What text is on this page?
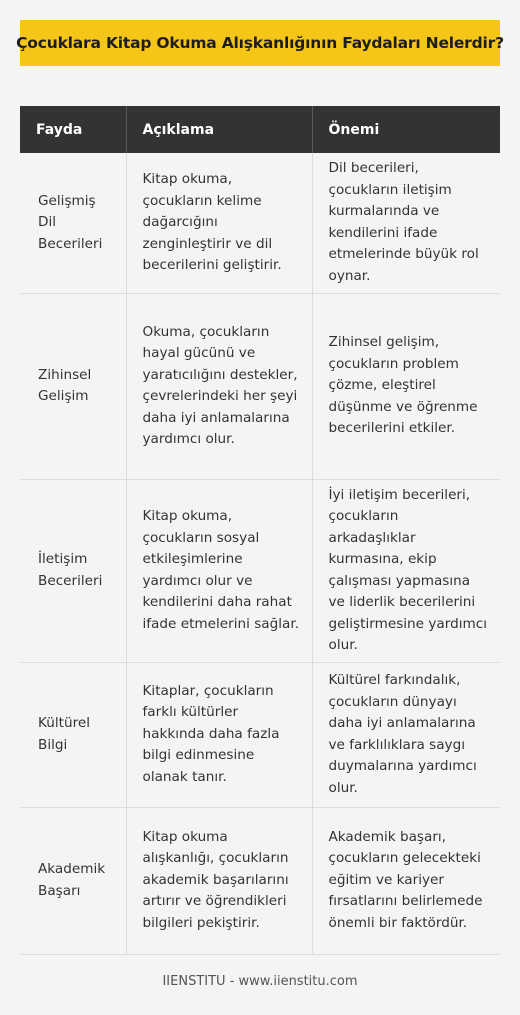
Çocuklara Kitap Okuma Alışkanlığının Faydaları Nelerdir?
Fayda	Açıklama	Önemi
Gelişmiş Dil Becerileri	Kitap okuma, çocukların kelime dağarcığını zenginleştirir ve dil becerilerini geliştirir.	Dil becerileri, çocukların iletişim kurmalarında ve kendilerini ifade etmelerinde büyük rol oynar.
Zihinsel Gelişim	Okuma, çocukların hayal gücünü ve yaratıcılığını destekler, çevrelerindeki her şeyi daha iyi anlamalarına yardımcı olur.	Zihinsel gelişim, çocukların problem çözme, eleştirel düşünme ve öğrenme becerilerini etkiler.
İletişim Becerileri	Kitap okuma, çocukların sosyal etkileşimlerine yardımcı olur ve kendilerini daha rahat ifade etmelerini sağlar.	İyi iletişim becerileri, çocukların arkadaşlıklar kurmasına, ekip çalışması yapmasına ve liderlik becerilerini geliştirmesine yardımcı olur.
Kültürel Bilgi	Kitaplar, çocukların farklı kültürler hakkında daha fazla bilgi edinmesine olanak tanır.	Kültürel farkındalık, çocukların dünyayı daha iyi anlamalarına ve farklılıklara saygı duymalarına yardımcı olur.
Akademik Başarı	Kitap okuma alışkanlığı, çocukların akademik başarılarını artırır ve öğrendikleri bilgileri pekiştirir.	Akademik başarı, çocukların gelecekteki eğitim ve kariyer fırsatlarını belirlemede önemli bir faktördür.
IIENSTITU - www.iienstitu.com
